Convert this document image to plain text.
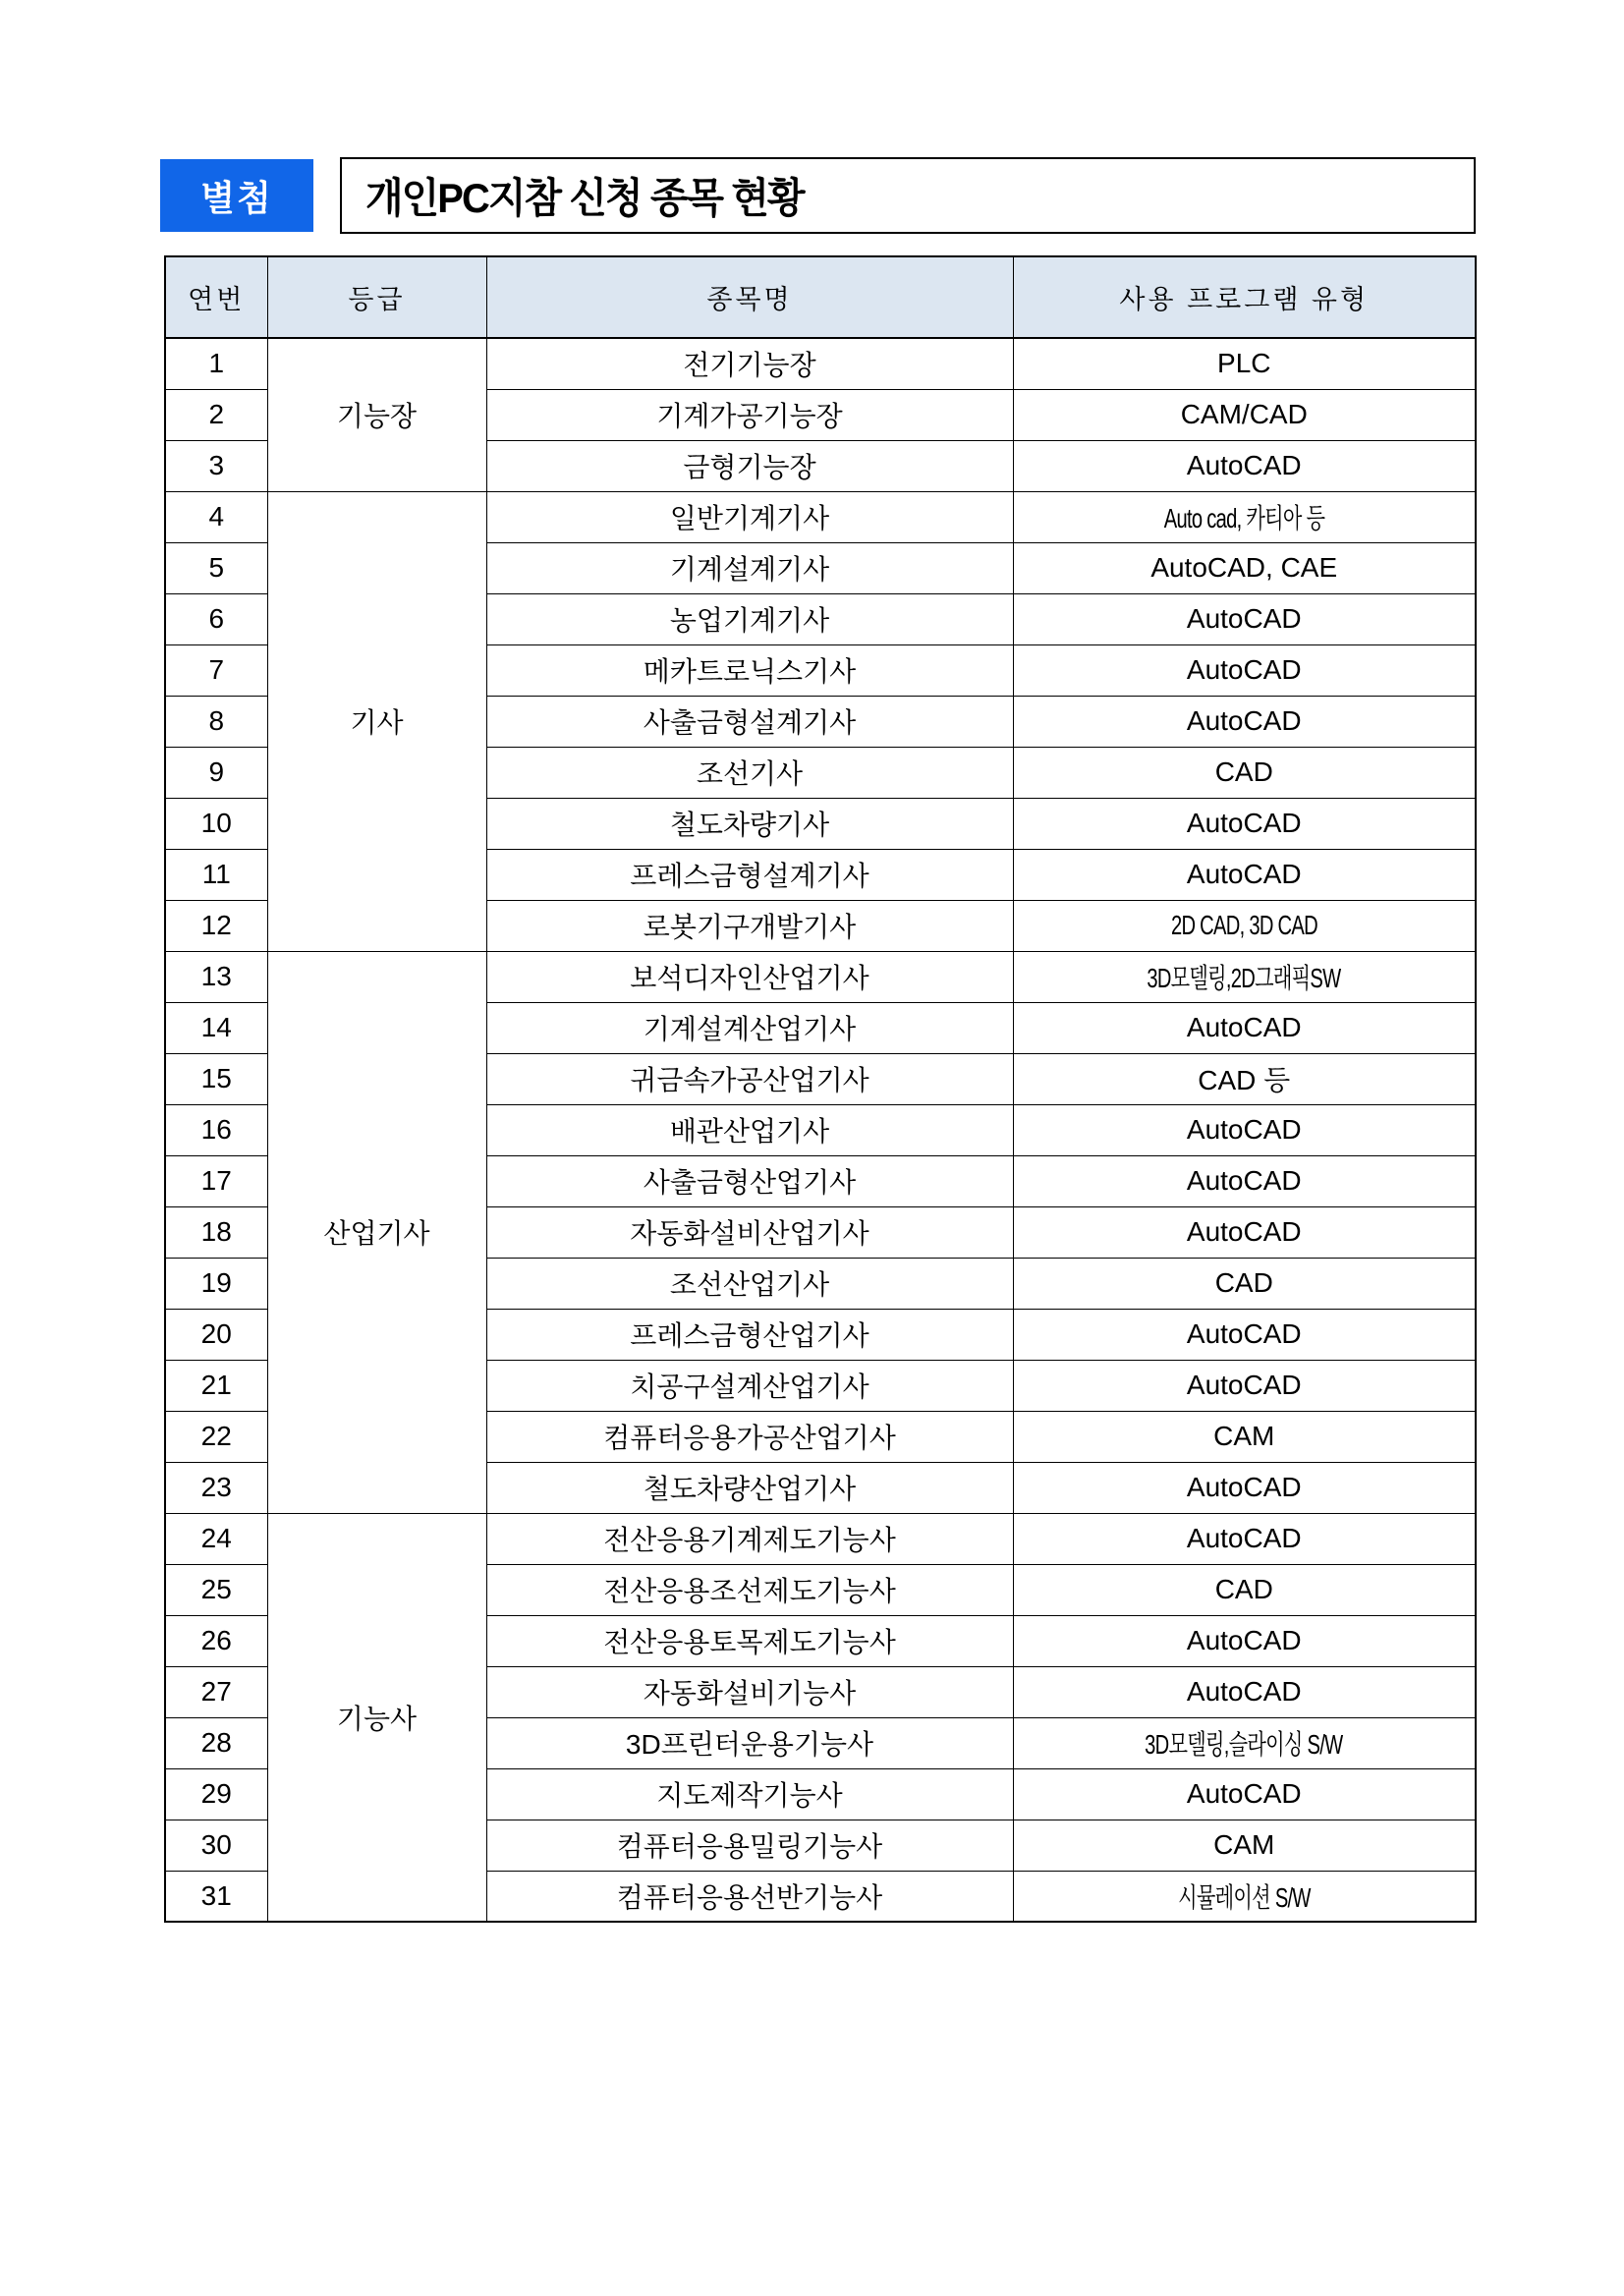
별첨	개인PC지참 신청 종목 현황
연번	등급	종목명	사용 프로그램 유형
1	기능장	전기기능장	PLC
2		기계가공기능장	CAM/CAD
3		금형기능장	AutoCAD
4	기사	일반기계기사	Auto cad, 카티아 등
5		기계설계기사	AutoCAD, CAE
6		농업기계기사	AutoCAD
7		메카트로닉스기사	AutoCAD
8		사출금형설계기사	AutoCAD
9		조선기사	CAD
10		철도차량기사	AutoCAD
11		프레스금형설계기사	AutoCAD
12		로봇기구개발기사	2D CAD, 3D CAD
13	산업기사	보석디자인산업기사	3D모델링,2D그래픽SW
14		기계설계산업기사	AutoCAD
15		귀금속가공산업기사	CAD 등
16		배관산업기사	AutoCAD
17		사출금형산업기사	AutoCAD
18		자동화설비산업기사	AutoCAD
19		조선산업기사	CAD
20		프레스금형산업기사	AutoCAD
21		치공구설계산업기사	AutoCAD
22		컴퓨터응용가공산업기사	CAM
23		철도차량산업기사	AutoCAD
24	기능사	전산응용기계제도기능사	AutoCAD
25		전산응용조선제도기능사	CAD
26		전산응용토목제도기능사	AutoCAD
27		자동화설비기능사	AutoCAD
28		3D프린터운용기능사	3D모델링,슬라이싱 S/W
29		지도제작기능사	AutoCAD
30		컴퓨터응용밀링기능사	CAM
31		컴퓨터응용선반기능사	시뮬레이션 S/W
